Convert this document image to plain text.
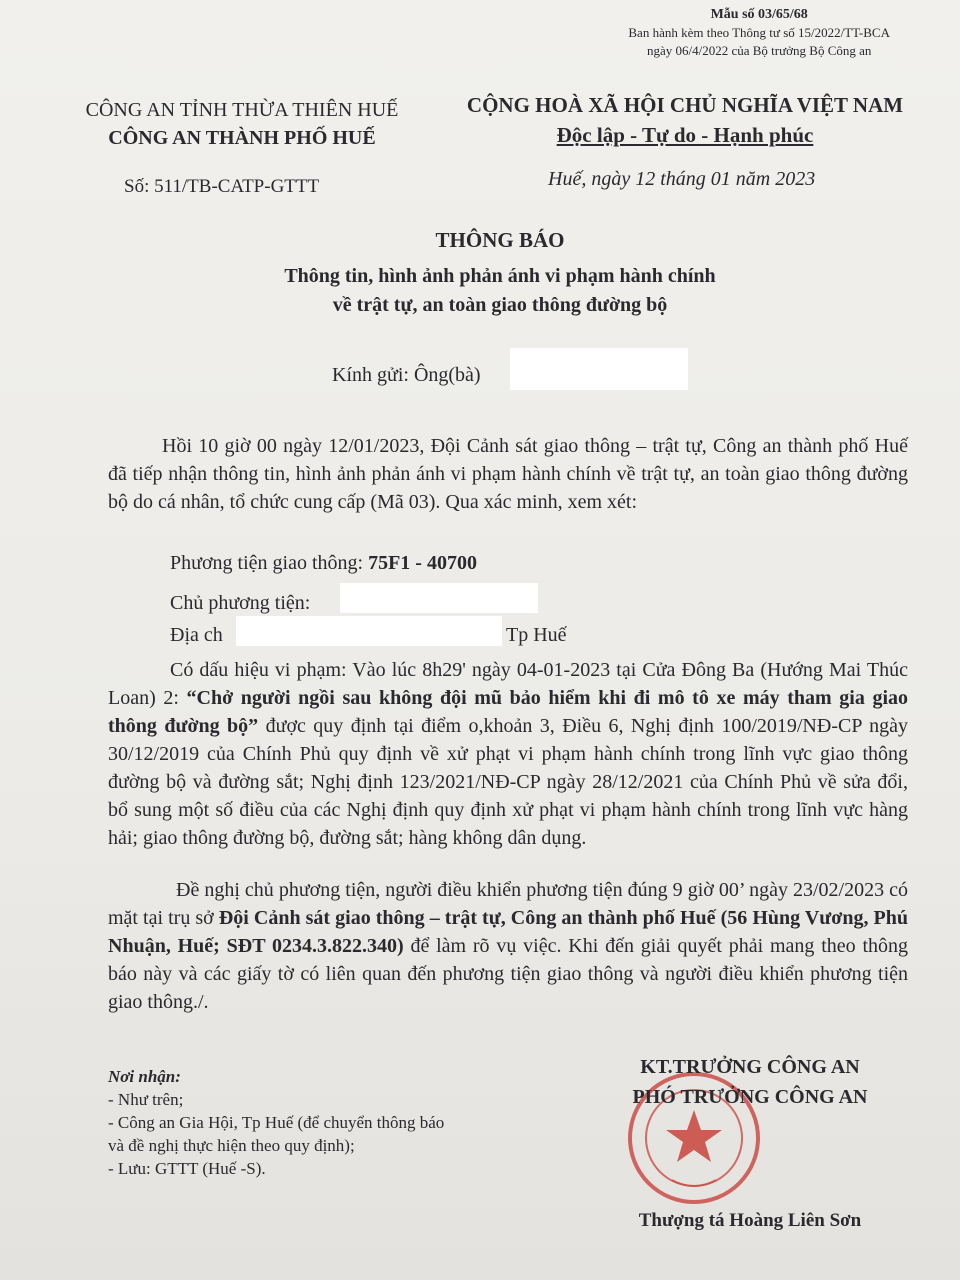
Mẫu số 03/65/68
Ban hành kèm theo Thông tư số 15/2022/TT-BCA
ngày 06/4/2022 của Bộ trưởng Bộ Công an
CÔNG AN TỈNH THỪA THIÊN HUẾ
CÔNG AN THÀNH PHỐ HUẾ
CỘNG HOÀ XÃ HỘI CHỦ NGHĨA VIỆT NAM
Độc lập - Tự do - Hạnh phúc
Số: 511/TB-CATP-GTTT	Huế, ngày 12 tháng 01 năm 2023
THÔNG BÁO
Thông tin, hình ảnh phản ánh vi phạm hành chính
về trật tự, an toàn giao thông đường bộ
Kính gửi: Ông(bà)
Hồi 10 giờ 00 ngày 12/01/2023, Đội Cảnh sát giao thông – trật tự, Công an thành phố Huế đã tiếp nhận thông tin, hình ảnh phản ánh vi phạm hành chính về trật tự, an toàn giao thông đường bộ do cá nhân, tổ chức cung cấp (Mã 03). Qua xác minh, xem xét:
Phương tiện giao thông: 75F1 - 40700
Chủ phương tiện:
Địa ch	Tp Huế
Có dấu hiệu vi phạm: Vào lúc 8h29' ngày 04-01-2023 tại Cửa Đông Ba (Hướng Mai Thúc Loan) 2: “Chở người ngồi sau không đội mũ bảo hiểm khi đi mô tô xe máy tham gia giao thông đường bộ” được quy định tại điểm o,khoản 3, Điều 6, Nghị định 100/2019/NĐ-CP ngày 30/12/2019 của Chính Phủ quy định về xử phạt vi phạm hành chính trong lĩnh vực giao thông đường bộ và đường sắt; Nghị định 123/2021/NĐ-CP ngày 28/12/2021 của Chính Phủ về sửa đổi, bổ sung một số điều của các Nghị định quy định xử phạt vi phạm hành chính trong lĩnh vực hàng hải; giao thông đường bộ, đường sắt; hàng không dân dụng.
Đề nghị chủ phương tiện, người điều khiển phương tiện đúng 9 giờ 00’ ngày 23/02/2023 có mặt tại trụ sở Đội Cảnh sát giao thông – trật tự, Công an thành phố Huế (56 Hùng Vương, Phú Nhuận, Huế; SĐT 0234.3.822.340) để làm rõ vụ việc. Khi đến giải quyết phải mang theo thông báo này và các giấy tờ có liên quan đến phương tiện giao thông và người điều khiển phương tiện giao thông./.
Nơi nhận:
- Như trên;
- Công an Gia Hội, Tp Huế (để chuyển thông báo
và đề nghị thực hiện theo quy định);
- Lưu: GTTT (Huế -S).
KT.TRƯỞNG CÔNG AN
PHÓ TRƯỞNG CÔNG AN
Thượng tá Hoàng Liên Sơn
